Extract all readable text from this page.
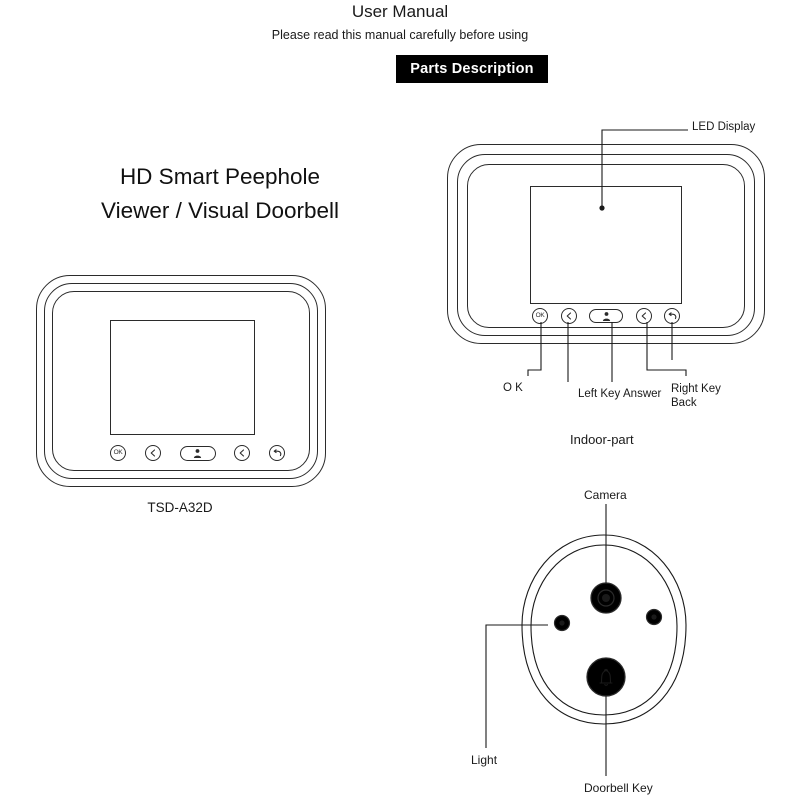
User Manual
Please read this manual carefully before using
Parts Description
HD Smart Peephole
Viewer / Visual Doorbell
OK
TSD-A32D
OK
LED Display
O K	Left Key Answer Right Key
Back
Indoor-part
Camera
Light
Doorbell Key
